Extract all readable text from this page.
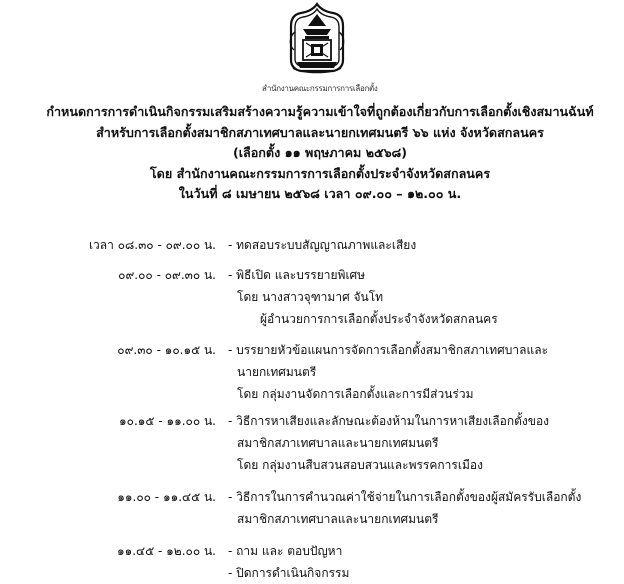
สำนักงานคณะกรรมการการเลือกตั้ง
กำหนดการการดำเนินกิจกรรมเสริมสร้างความรู้ความเข้าใจที่ถูกต้องเกี่ยวกับการเลือกตั้งเชิงสมานฉันท์
สำหรับการเลือกตั้งสมาชิกสภาเทศบาลและนายกเทศมนตรี ๖๖ แห่ง จังหวัดสกลนคร
(เลือกตั้ง ๑๑ พฤษภาคม ๒๕๖๘)
โดย สำนักงานคณะกรรมการการเลือกตั้งประจำจังหวัดสกลนคร
ในวันที่ ๘ เมษายน ๒๕๖๘ เวลา ๐๙.๐๐ – ๑๒.๐๐ น.
เวลา ๐๘.๓๐ - ๐๙.๐๐ น. - ทดสอบระบบสัญญาณภาพและเสียง
๐๙.๐๐ - ๐๙.๓๐ น. - พิธีเปิด และบรรยายพิเศษ
โดย นางสาวจุฑามาศ จันโท
ผู้อำนวยการการเลือกตั้งประจำจังหวัดสกลนคร
๐๙.๓๐ - ๑๐.๑๕ น. - บรรยายหัวข้อแผนการจัดการเลือกตั้งสมาชิกสภาเทศบาลและ
นายกเทศมนตรี
โดย กลุ่มงานจัดการเลือกตั้งและการมีส่วนร่วม
๑๐.๑๕ - ๑๑.๐๐ น. - วิธีการหาเสียงและลักษณะต้องห้ามในการหาเสียงเลือกตั้งของ
สมาชิกสภาเทศบาลและนายกเทศมนตรี
โดย กลุ่มงานสืบสวนสอบสวนและพรรคการเมือง
๑๑.๐๐ - ๑๑.๔๕ น. - วิธีการในการคำนวณค่าใช้จ่ายในการเลือกตั้งของผู้สมัครรับเลือกตั้ง
สมาชิกสภาเทศบาลและนายกเทศมนตรี
๑๑.๔๕ - ๑๒.๐๐ น. - ถาม และ ตอบปัญหา
- ปิดการดำเนินกิจกรรม
